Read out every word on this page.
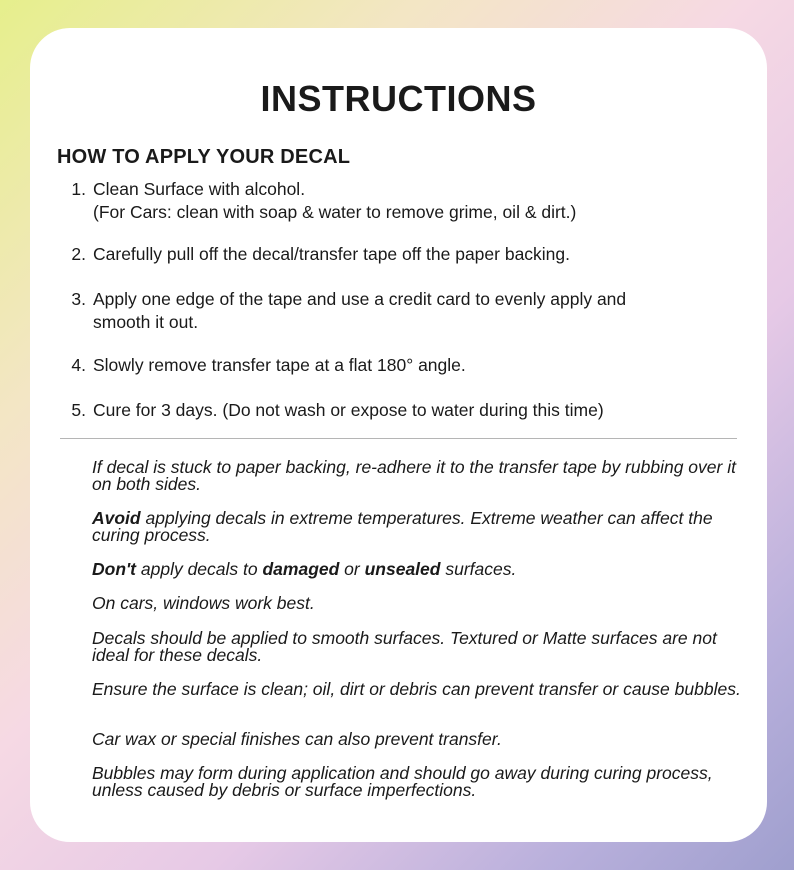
INSTRUCTIONS
HOW TO APPLY YOUR DECAL
1. Clean Surface with alcohol.
(For Cars: clean with soap & water to remove grime, oil & dirt.)
2. Carefully pull off the decal/transfer tape off the paper backing.
3. Apply one edge of the tape and use a credit card to evenly apply and
smooth it out.
4. Slowly remove transfer tape at a flat 180° angle.
5. Cure for 3 days. (Do not wash or expose to water during this time)

If decal is stuck to paper backing, re-adhere it to the transfer tape by rubbing over it on both sides.

Avoid applying decals in extreme temperatures. Extreme weather can affect the curing process.

Don't apply decals to damaged or unsealed surfaces.

On cars, windows work best.

Decals should be applied to smooth surfaces. Textured or Matte surfaces are not ideal for these decals.

Ensure the surface is clean; oil, dirt or debris can prevent transfer or cause bubbles.

Car wax or special finishes can also prevent transfer.

Bubbles may form during application and should go away during curing process, unless caused by debris or surface imperfections.
